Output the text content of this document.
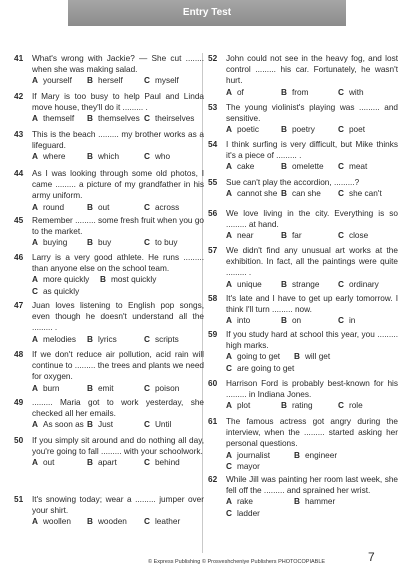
Entry Test
41	What's wrong with Jackie? — She cut ........ when she was making salad.
A yourself B herself	C myself
42	If Mary is too busy to help Paul and Linda move house, they'll do it ......... .
A themself B themselves C theirselves
43	This is the beach ......... my brother works as a lifeguard.
A where	B which	C who
44	As I was looking through some old photos, I came ......... a picture of my grandfather in his army uniform.
A round	B out	C across
45	Remember ......... some fresh fruit when you go to the market.
A buying B buy	C to buy
46	Larry is a very good athlete. He runs ......... than anyone else on the school team.
A more quickly B most quickly
C as quickly
47	Juan loves listening to English pop songs, even though he doesn't understand all the ......... .
A melodies B lyrics	C scripts
48	If we don't reduce air pollution, acid rain will continue to ......... the trees and plants we need for oxygen.
A burn	B emit	C poison
49	......... Maria got to work yesterday, she checked all her emails.
A As soon as B Just	C Until
50	If you simply sit around and do nothing all day, you're going to fall ......... with your schoolwork.
A out	B apart	C behind
51	It's snowing today; wear a ......... jumper over your shirt.
A woollen B wooden C leather
52	John could not see in the heavy fog, and lost control ......... his car. Fortunately, he wasn't hurt.
A of	B from	C with
53	The young violinist's playing was ......... and sensitive.
A poetic	B poetry	C poet
54	I think surfing is very difficult, but Mike thinks it's a piece of ......... .
A cake	B omelette C meat
55	Sue can't play the accordion, .........?
A cannot she B can she C she can't
56	We love living in the city. Everything is so ......... at hand.
A near	B far	C close
57	We didn't find any unusual art works at the exhibition. In fact, all the paintings were quite ......... .
A unique B strange C ordinary
58	It's late and I have to get up early tomorrow. I think I'll turn ......... now.
A into	B on	C in
59	If you study hard at school this year, you ......... high marks.
A going to get B will get
C are going to get
60	Harrison Ford is probably best-known for his ......... in Indiana Jones.
A plot	B rating	C role
61	The famous actress got angry during the interview, when the ......... started asking her personal questions.
A journalist	B engineer
C mayor
62	While Jill was painting her room last week, she fell off the ......... and sprained her wrist.
A rake	B hammer
C ladder
© Express Publishing © Prosveshcheniye Publishers PHOTOCOPIABLE	7
